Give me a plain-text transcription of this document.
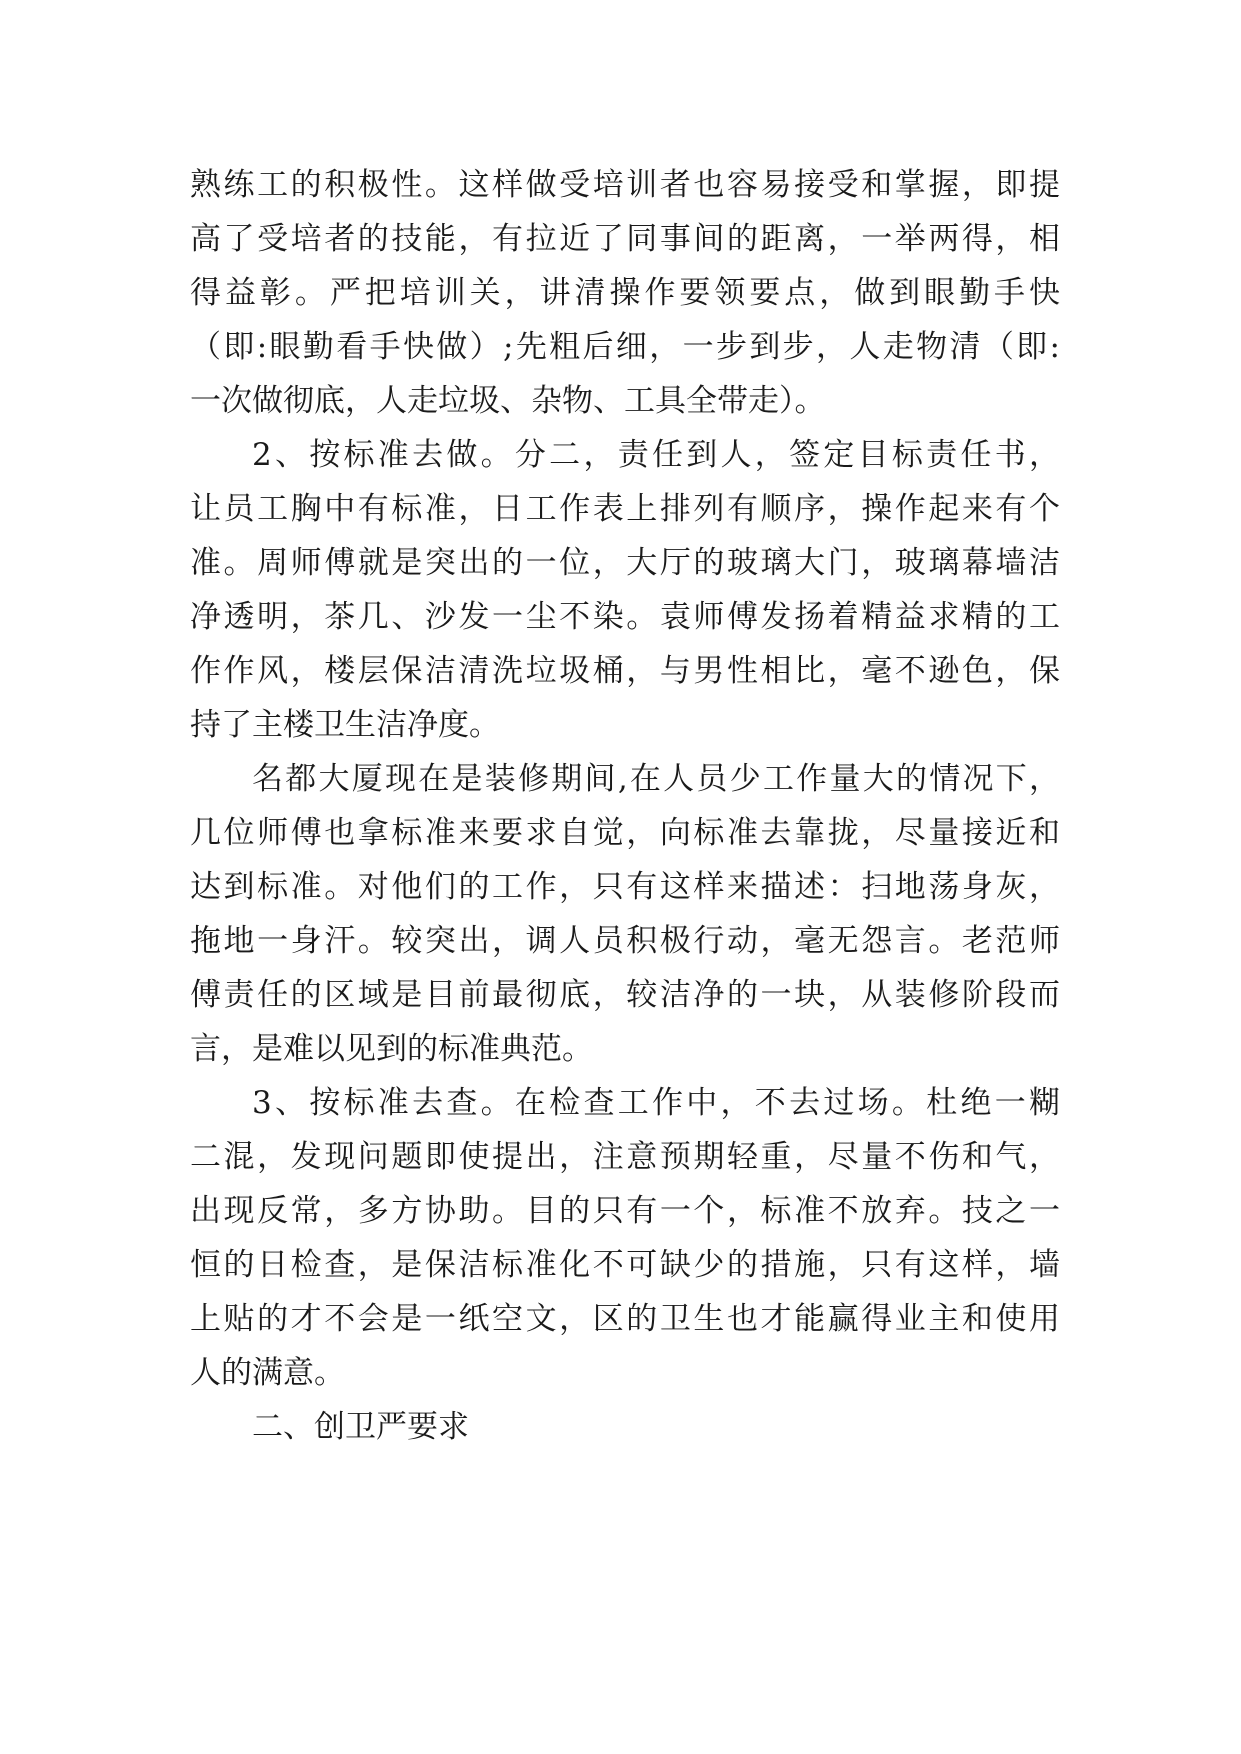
熟练工的积极性。这样做受培训者也容易接受和掌握，即提
高了受培者的技能，有拉近了同事间的距离，一举两得，相
得益彰。严把培训关，讲清操作要领要点，做到眼勤手快
（即:眼勤看手快做）;先粗后细，一步到步，人走物清（即:
一次做彻底，人走垃圾、杂物、工具全带走）。
2、按标准去做。分二，责任到人，签定目标责任书，
让员工胸中有标准，日工作表上排列有顺序，操作起来有个
准。周师傅就是突出的一位，大厅的玻璃大门，玻璃幕墙洁
净透明，茶几、沙发一尘不染。袁师傅发扬着精益求精的工
作作风，楼层保洁清洗垃圾桶，与男性相比，毫不逊色，保
持了主楼卫生洁净度。
名都大厦现在是装修期间,在人员少工作量大的情况下，
几位师傅也拿标准来要求自觉，向标准去靠拢，尽量接近和
达到标准。对他们的工作，只有这样来描述：扫地荡身灰，
拖地一身汗。较突出，调人员积极行动，毫无怨言。老范师
傅责任的区域是目前最彻底，较洁净的一块，从装修阶段而
言，是难以见到的标准典范。
3、按标准去查。在检查工作中，不去过场。杜绝一糊
二混，发现问题即使提出，注意预期轻重，尽量不伤和气，
出现反常，多方协助。目的只有一个，标准不放弃。技之一
恒的日检查，是保洁标准化不可缺少的措施，只有这样，墙
上贴的才不会是一纸空文，区的卫生也才能赢得业主和使用
人的满意。
二、创卫严要求
